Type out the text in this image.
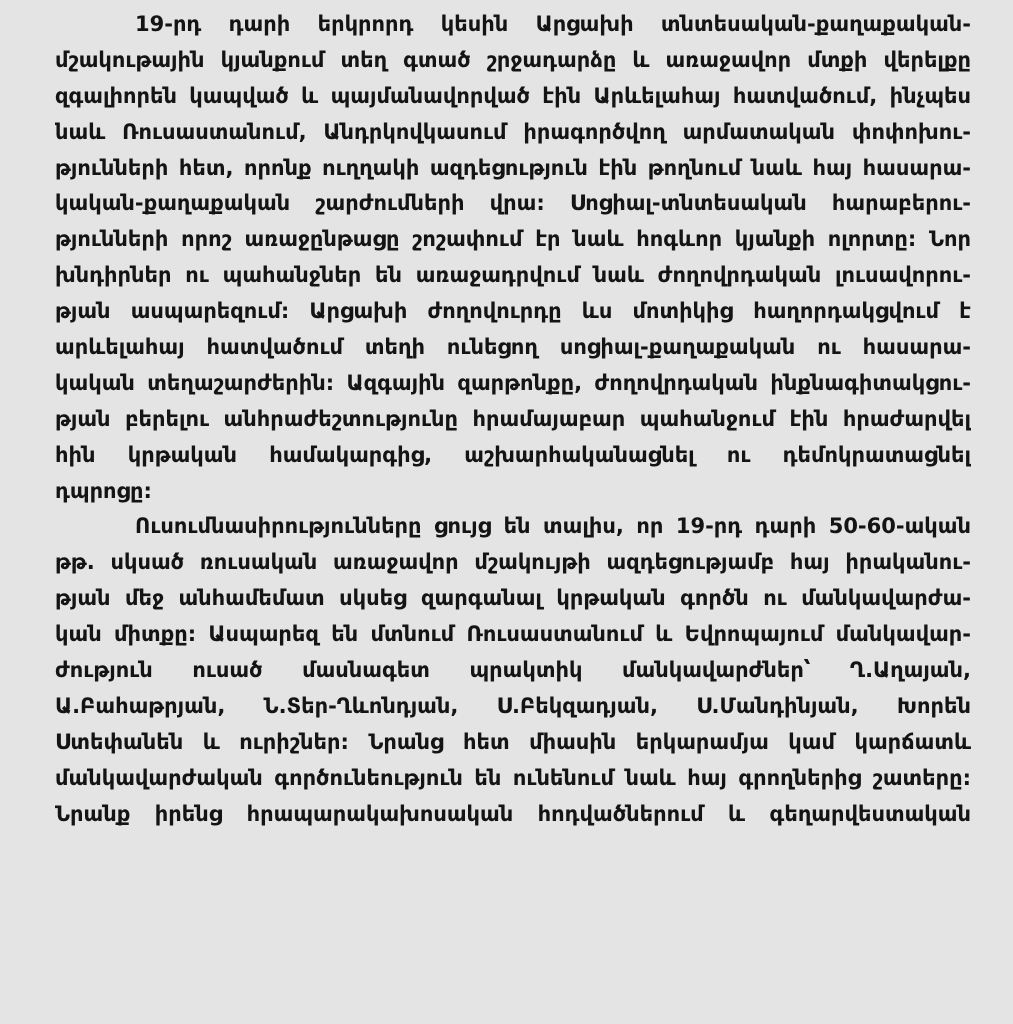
19-րդ դարի երկրորդ կեսին Արցախի տնտեսական-քաղաքական-
մշակութային կյանքում տեղ գտած շրջադարձը և առաջավոր մտքի վերելքը
զգալիորեն կապված և պայմանավորված էին Արևելահայ հատվածում, ինչպես
նաև Ռուսաստանում, Անդրկովկասում իրագործվող արմատական փոփոխու-
թյունների հետ, որոնք ուղղակի ազդեցություն էին թողնում նաև հայ հասարա-
կական-քաղաքական շարժումների վրա: Սոցիալ-տնտեսական հարաբերու-
թյունների որոշ առաջընթացը շոշափում էր նաև հոգևոր կյանքի ոլորտը: Նոր
խնդիրներ ու պահանջներ են առաջադրվում նաև ժողովրդական լուսավորու-
թյան ասպարեզում: Արցախի ժողովուրդը ևս մոտիկից հաղորդակցվում է
արևելահայ հատվածում տեղի ունեցող սոցիալ-քաղաքական ու հասարա-
կական տեղաշարժերին: Ազգային զարթոնքը, ժողովրդական ինքնագիտակցու-
թյան բերելու անհրաժեշտությունը հրամայաբար պահանջում էին հրաժարվել
հին կրթական համակարգից, աշխարհականացնել ու դեմոկրատացնել
դպրոցը:
Ուսումնասիրությունները ցույց են տալիս, որ 19-րդ դարի 50-60-ական
թթ. սկսած ռուսական առաջավոր մշակույթի ազդեցությամբ հայ իրականու-
թյան մեջ անհամեմատ սկսեց զարգանալ կրթական գործն ու մանկավարժա-
կան միտքը: Ասպարեզ են մտնում Ռուսաստանում և Եվրոպայում մանկավար-
ժություն ուսած մասնագետ պրակտիկ մանկավարժներ՝ Ղ.Աղայան,
Ա.Բահաթրյան, Ն.Տեր-Ղևոնդյան, Ս.Բեկզադյան, Ս.Մանդինյան, Խորեն
Ստեփանեն և ուրիշներ: Նրանց հետ միասին երկարամյա կամ կարճատև
մանկավարժական գործունեություն են ունենում նաև հայ գրողներից շատերը:
Նրանք իրենց հրապարակախոսական հոդվածներում և գեղարվեստական
